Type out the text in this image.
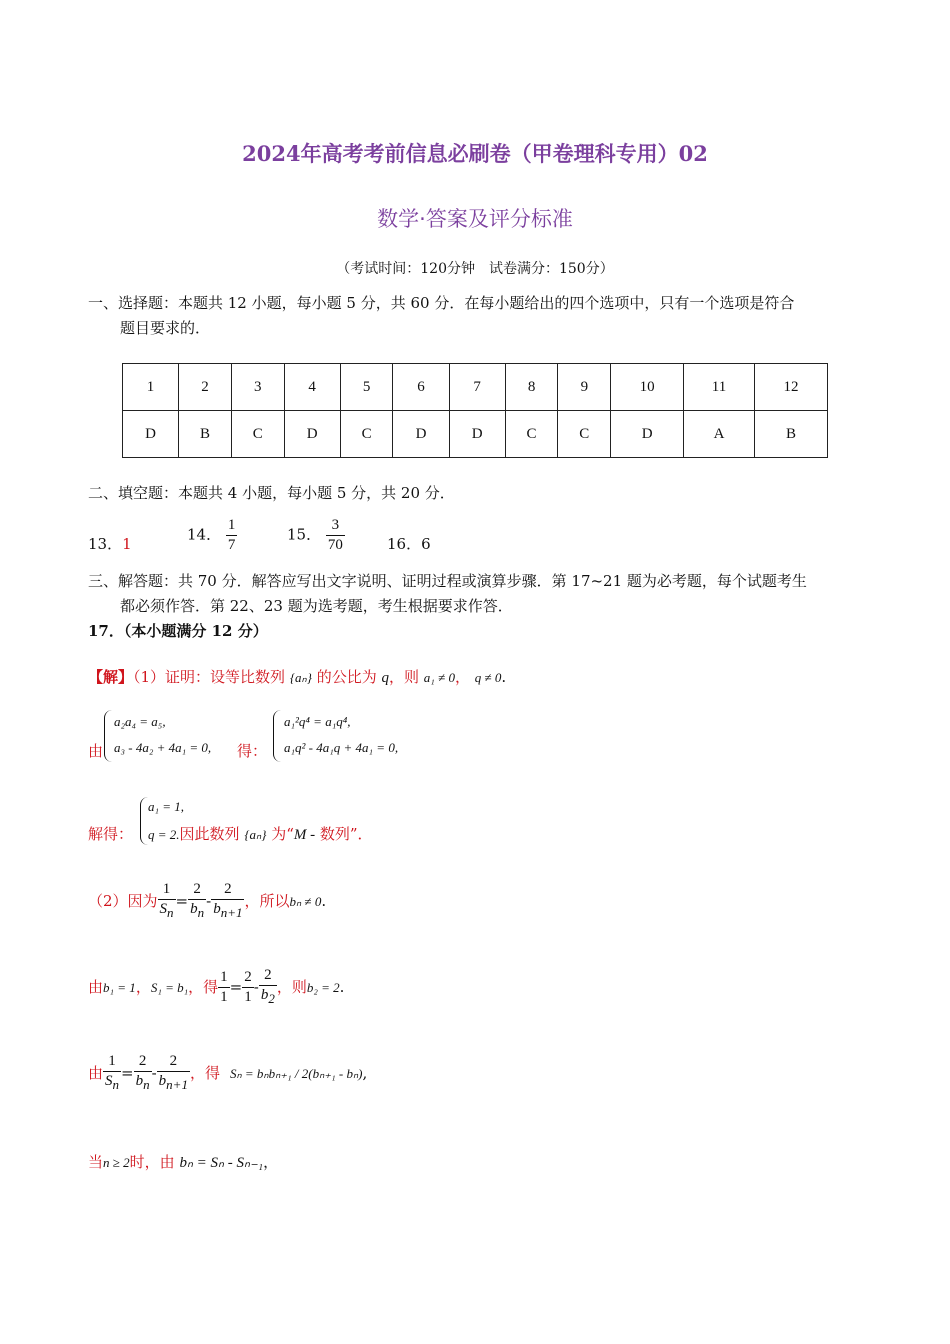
2024年高考考前信息必刷卷（甲卷理科专用）02
数学·答案及评分标准
（考试时间：120分钟　试卷满分：150分）
一、选择题：本题共 12 小题，每小题 5 分，共 60 分．在每小题给出的四个选项中，只有一个选项是符合
题目要求的．
1	2	3	4	5	6	7	8	9	10	11	12
D	B	C	D	C	D	D	C	C	D	A	B
二、填空题：本题共 4 小题，每小题 5 分，共 20 分．
13．1
14． $\frac{1}{7}$	15． $\frac{3}{70}$	16．6
三、解答题：共 70 分．解答应写出文字说明、证明过程或演算步骤．第 17~21 题为必考题，每个试题考生
都必须作答．第 22、23 题为选考题，考生根据要求作答．
17．（本小题满分 12 分）
【解】（1）证明：设等比数列 {aₙ} 的公比为 q，则 a₁ ≠ 0， q ≠ 0.
由
a₂a₄ = a₅,
a₃ - 4a₂ + 4a₁ = 0, 得：
a₁²q⁴ = a₁q⁴,
a₁q² - 4a₁q + 4a₁ = 0,
解得：
a₁ = 1,
q = 2.因此数列 {aₙ} 为“M - 数列”．
（2）因为 $\frac{1}{S_n} = \frac{2}{b_n} - \frac{2}{b_{n+1}}$ ，所以 bₙ ≠ 0 .
由 b₁ = 1 ， S₁ = b₁ ，得 $\frac{1}{1} = \frac{2}{1} - \frac{2}{b_2}$ ，则 b₂ = 2 .
由 $\frac{1}{S_n} = \frac{2}{b_n} - \frac{2}{b_{n+1}}$ ，得 Sₙ = bₙbₙ₊₁ / 2(bₙ₊₁ - bₙ) ,
当n ≥ 2时，由 bₙ = Sₙ - Sₙ₋₁，
